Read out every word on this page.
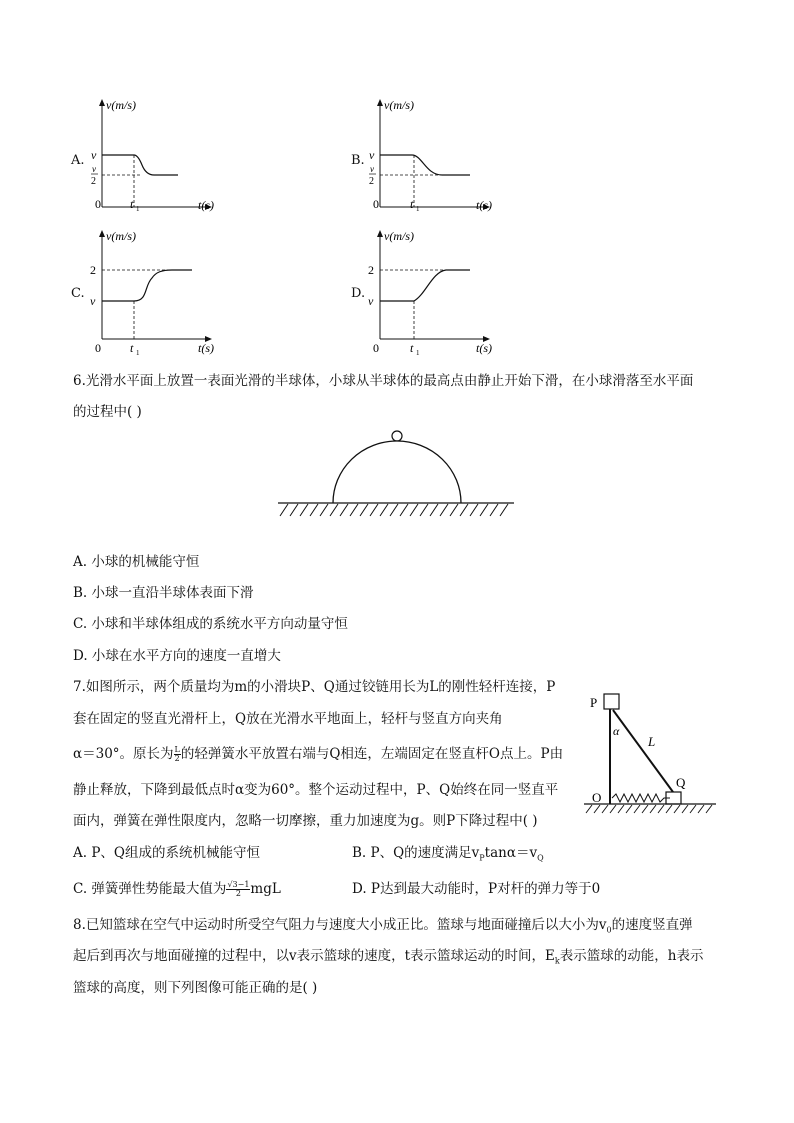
A.
v(m/s)
t(s)
0
v
v
2
t 1
B.
v(m/s)
t(s)
0
v
v
2
t 1
C.
v(m/s)
t(s)
0
2
v
t 1
D.
v(m/s)
t(s)
0
2
v
t 1
6.光滑水平面上放置一表面光滑的半球体，小球从半球体的最高点由静止开始下滑，在小球滑落至水平面
的过程中( )
A. 小球的机械能守恒
B. 小球一直沿半球体表面下滑
C. 小球和半球体组成的系统水平方向动量守恒
D. 小球在水平方向的速度一直增大
7.如图所示，两个质量均为m的小滑块P、Q通过铰链用长为L的刚性轻杆连接，P
套在固定的竖直光滑杆上，Q放在光滑水平地面上，轻杆与竖直方向夹角
α＝30°。原长为 $\frac{L}{2}$ 的轻弹簧水平放置右端与Q相连，左端固定在竖直杆O点上。P由
静止释放，下降到最低点时α变为60°。整个运动过程中，P、Q始终在同一竖直平
面内，弹簧在弹性限度内，忽略一切摩擦，重力加速度为g。则P下降过程中( )
P
Q
O
L
α
A. P、Q组成的系统机械能守恒	B. P、Q的速度满足$v_P\tan\alpha=v_Q$
C. 弹簧弹性势能最大值为 $\frac{√3-1}{2}$ mgL	D. P达到最大动能时，P对杆的弹力等于0
8.已知篮球在空气中运动时所受空气阻力与速度大小成正比。篮球与地面碰撞后以大小为$v_0$的速度竖直弹
起后到再次与地面碰撞的过程中，以v表示篮球的速度，t表示篮球运动的时间，$E_k$表示篮球的动能，h表示
篮球的高度，则下列图像可能正确的是( )
